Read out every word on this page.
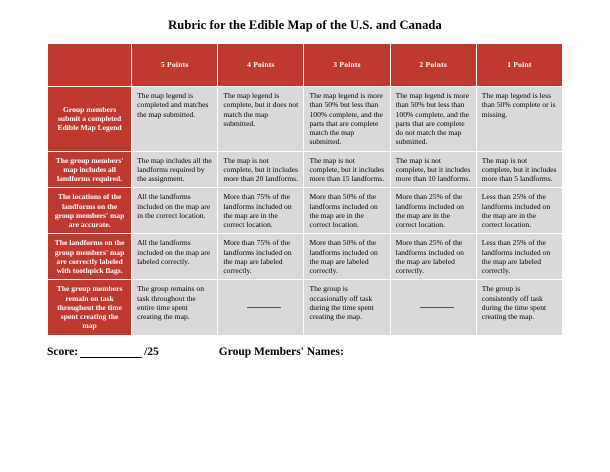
Rubric for the Edible Map of the U.S. and Canada
	5 Points	4 Points	3 Points	2 Points	1 Point
Group members submit a completed Edible Map Legend	The map legend is completed and matches the map submitted.	The map legend is complete, but it does not match the map submitted.	The map legend is more than 50% but less than 100% complete, and the parts that are complete match the map submitted.	The map legend is more than 50% but less than 100% complete, and the parts that are complete do not match the map submitted.	The map legend is less than 50% complete or is missing.
The group members' map includes all landforms required.	The map includes all the landforms required by the assignment.	The map is not complete, but it includes more than 20 landforms.	The map is not complete, but it includes more than 15 landforms.	The map is not complete, but it includes more than 10 landforms.	The map is not complete, but it includes more than 5 landforms.
The locations of the landforms on the group members' map are accurate.	All the landforms included on the map are in the correct location.	More than 75% of the landforms included on the map are in the correct location.	More than 50% of the landforms included on the map are in the correct location.	More than 25% of the landforms included on the map are in the correct location.	Less than 25% of the landforms included on the map are in the correct location.
The landforms on the group members' map are correctly labeled with toothpick flags.	All the landforms included on the map are labeled correctly.	More than 75% of the landforms included on the map are labeled correctly.	More than 50% of the landforms included on the map are labeled correctly.	More than 25% of the landforms included on the map are labeled correctly.	Less than 25% of the landforms included on the map are labeled correctly.
The group members remain on task throughout the time spent creating the map	The group remains on task throughout the entire time spent creating the map.		The group is occasionally off task during the time spent creating the map.		The group is consistently off task during the time spent creating the map.
Score:	/25	Group Members' Names:
